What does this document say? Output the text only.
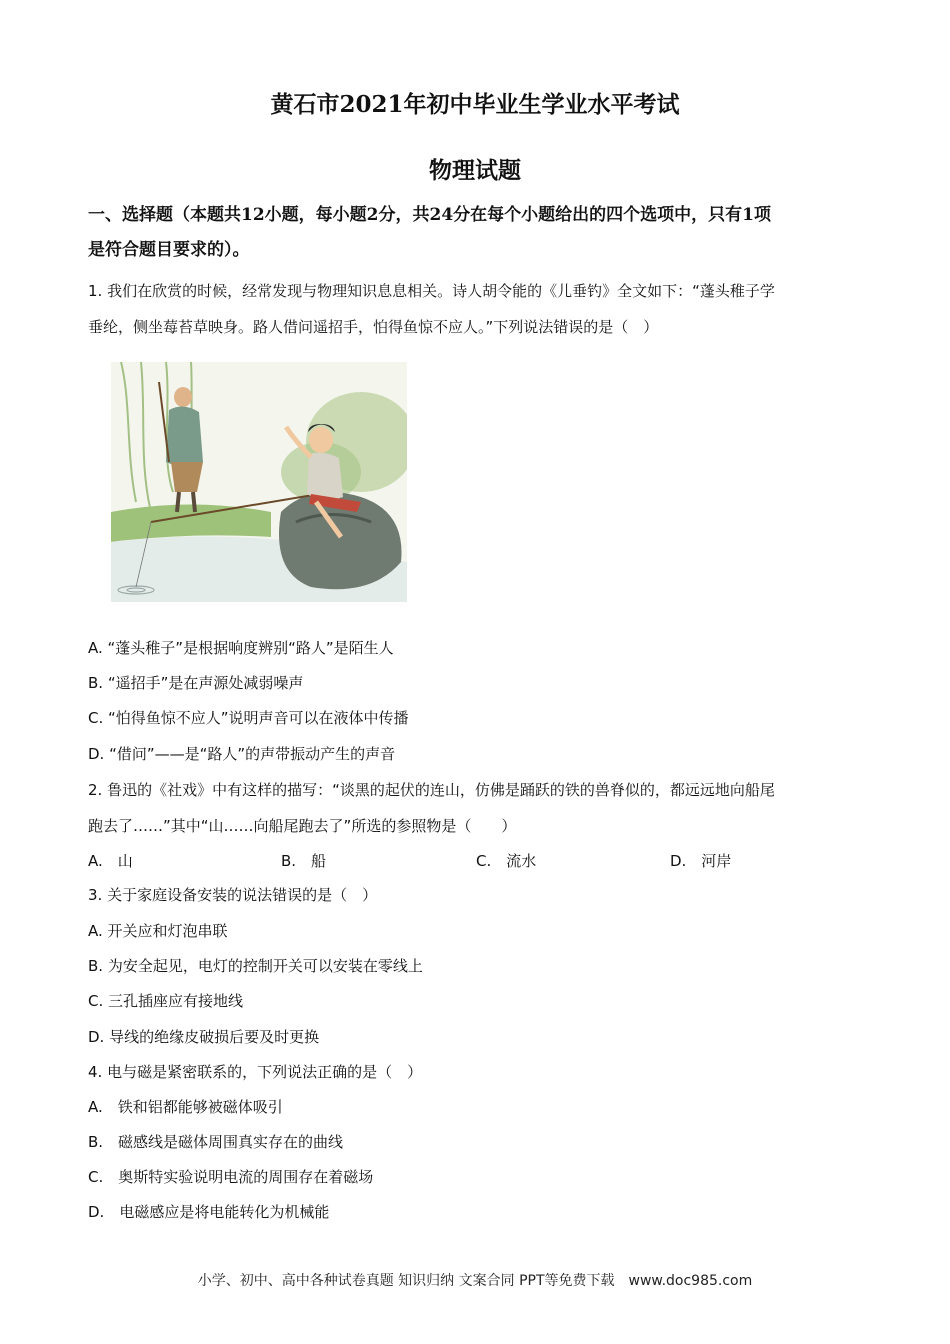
黄石市2021年初中毕业生学业水平考试
物理试题
一、选择题（本题共12小题，每小题2分，共24分在每个小题给出的四个选项中，只有1项
是符合题目要求的）。
1. 我们在欣赏的时候，经常发现与物理知识息息相关。诗人胡令能的《儿垂钓》全文如下：“蓬头稚子学
垂纶，侧坐莓苔草映身。路人借问遥招手，怕得鱼惊不应人。”下列说法错误的是（　）
A. “蓬头稚子”是根据响度辨别“路人”是陌生人
B. “遥招手”是在声源处减弱噪声
C. “怕得鱼惊不应人”说明声音可以在液体中传播
D. “借问”——是“路人”的声带振动产生的声音
2. 鲁迅的《社戏》中有这样的描写：“谈黑的起伏的连山，仿佛是踊跃的铁的兽脊似的，都远远地向船尾
跑去了……”其中“山……向船尾跑去了”所选的参照物是（　　）
A.　山	B.　船	C.　流水	D.　河岸
3. 关于家庭设备安装的说法错误的是（　）
A. 开关应和灯泡串联
B. 为安全起见，电灯的控制开关可以安装在零线上
C. 三孔插座应有接地线
D. 导线的绝缘皮破损后要及时更换
4. 电与磁是紧密联系的，下列说法正确的是（　）
A.　铁和铝都能够被磁体吸引
B.　磁感线是磁体周围真实存在的曲线
C.　奥斯特实验说明电流的周围存在着磁场
D.　电磁感应是将电能转化为机械能
小学、初中、高中各种试卷真题 知识归纳 文案合同 PPT等免费下载　www.doc985.com
